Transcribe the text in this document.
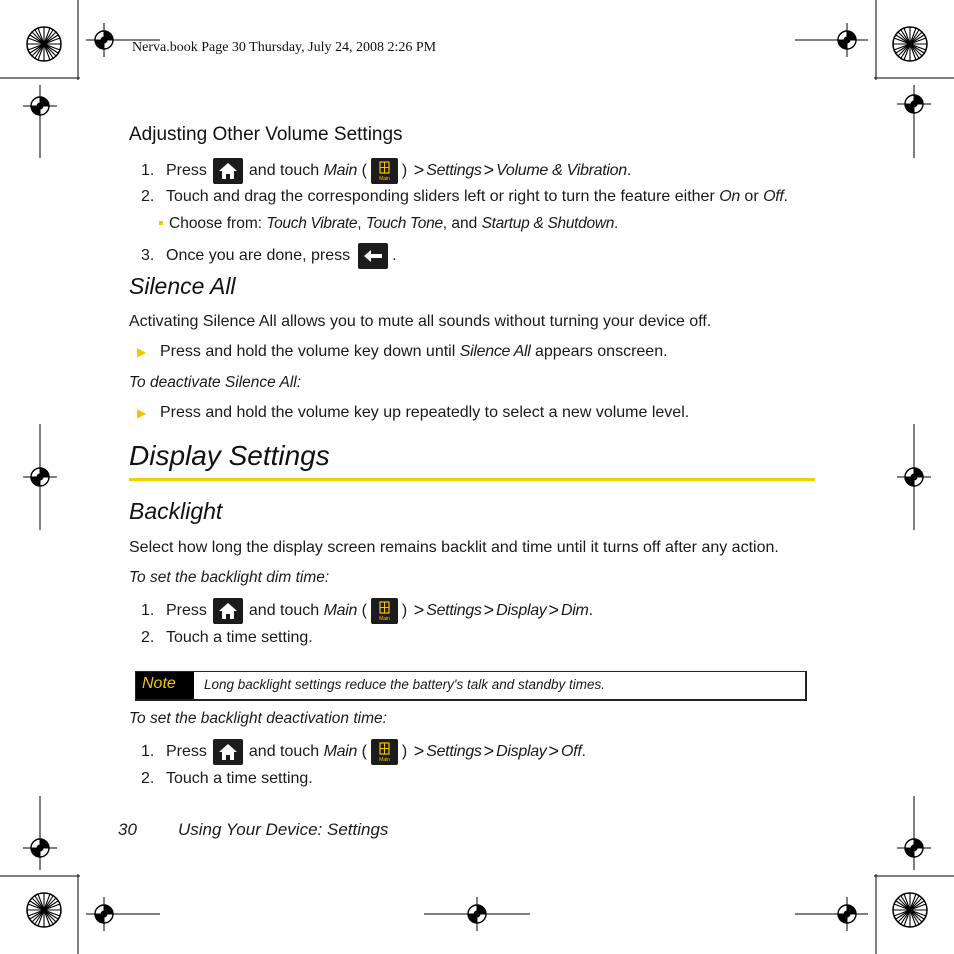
Nerva.book Page 30 Thursday, July 24, 2008 2:26 PM
Adjusting Other Volume Settings
1. Press	and touch
Main
( Main )
> Settings > Volume & Vibration .
2. Touch and drag the corresponding sliders left or right to turn the feature either
On
or
Off .
Choose from:
Touch Vibrate ,
Touch Tone , and
Startup & Shutdown .
3. Once you are done, press	.
Silence All
Activating Silence All allows you to mute all sounds without turning your device off.
▶ Press and hold the volume key down until
Silence All
appears onscreen.
To deactivate Silence All:
▶ Press and hold the volume key up repeatedly to select a new volume level.
Display Settings
Backlight
Select how long the display screen remains backlit and time until it turns off after any action.
To set the backlight dim time:
1. Press	and touch
Main
( Main )
> Settings > Display > Dim .
2. Touch a time setting.
Note	Long backlight settings reduce the battery's talk and standby times.
To set the backlight deactivation time:
1. Press	and touch
Main
( Main )
> Settings > Display > Off .
2. Touch a time setting.
30 Using Your Device: Settings
